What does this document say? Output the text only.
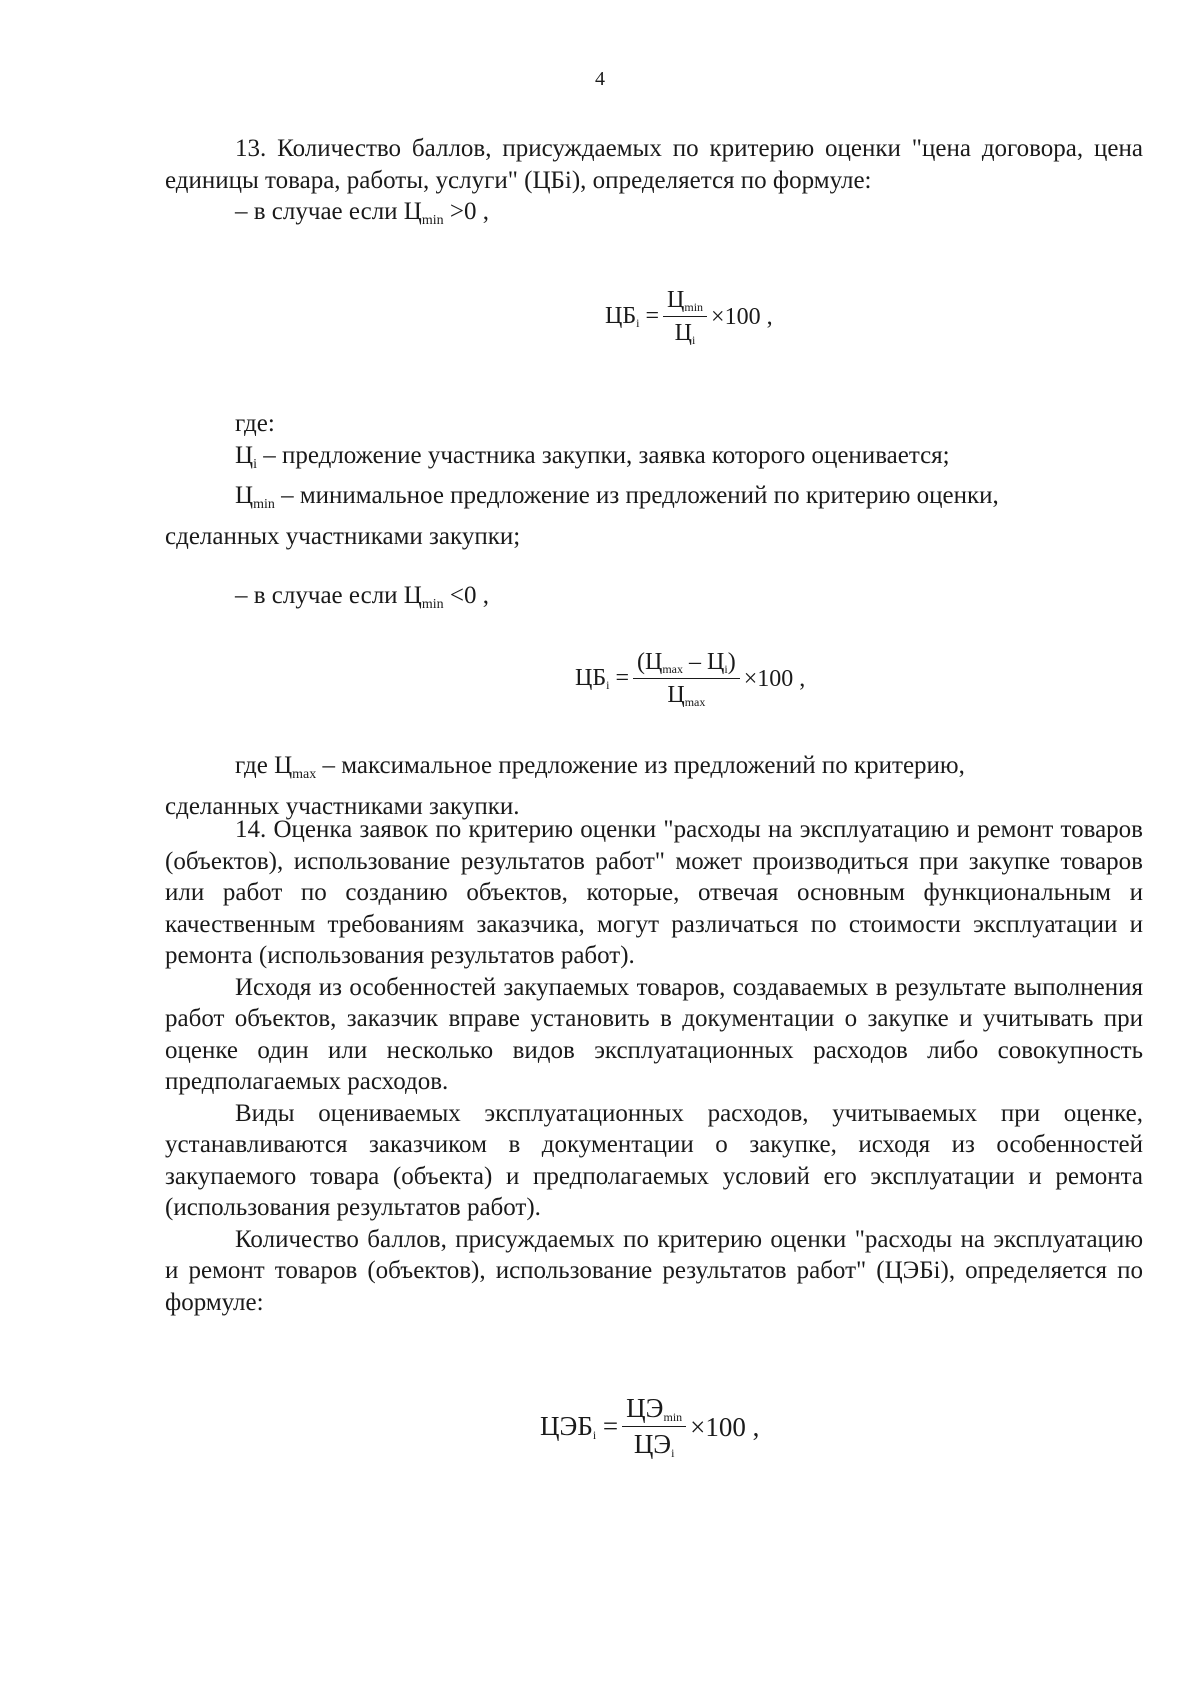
4

13. Количество баллов, присуждаемых по критерию оценки "цена договора, цена единицы товара, работы, услуги" (ЦБi), определяется по формуле:

– в случае если $Ц_{min} >0$ ,

ЦБi = $\frac{Ц\min}{Цi} \times 100$ ,

где:

$Ц_i$ – предложение участника закупки, заявка которого оценивается;

$Ц_{min}$ – минимальное предложение из предложений по критерию оценки,

сделанных участниками закупки;

– в случае если $Ц_{min} <0$ ,

ЦБi = $\frac{(Ц\max - Цi)}{Ц\max} \times 100$ ,

где $Ц_{max}$ – максимальное предложение из предложений по критерию,

сделанных участниками закупки.

14. Оценка заявок по критерию оценки "расходы на эксплуатацию и ремонт товаров (объектов), использование результатов работ" может производиться при закупке товаров или работ по созданию объектов, которые, отвечая основным функциональным и качественным требованиям заказчика, могут различаться по стоимости эксплуатации и ремонта (использования результатов работ).

Исходя из особенностей закупаемых товаров, создаваемых в результате выполнения работ объектов, заказчик вправе установить в документации о закупке и учитывать при оценке один или несколько видов эксплуатационных расходов либо совокупность предполагаемых расходов.

Виды оцениваемых эксплуатационных расходов, учитываемых при оценке, устанавливаются заказчиком в документации о закупке, исходя из особенностей закупаемого товара (объекта) и предполагаемых условий его эксплуатации и ремонта (использования результатов работ).

Количество баллов, присуждаемых по критерию оценки "расходы на эксплуатацию и ремонт товаров (объектов), использование результатов работ" (ЦЭБi), определяется по формуле:

ЦЭБi = $\frac{ЦЭ\min}{\text{ЦЭi}} \times 100$ ,
